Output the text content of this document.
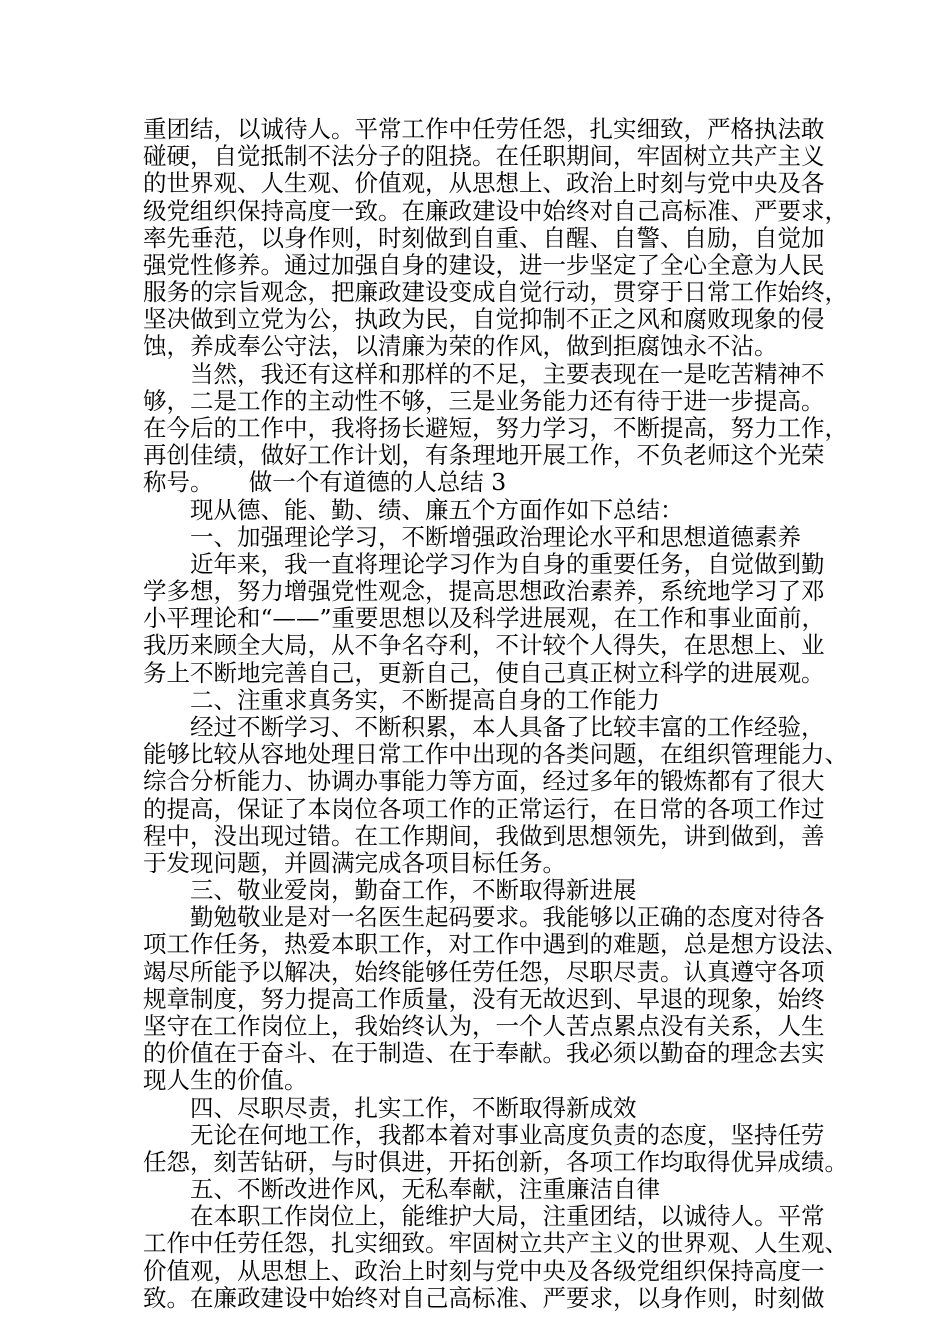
重团结，以诚待人。平常工作中任劳任怨，扎实细致，严格执法敢
碰硬，自觉抵制不法分子的阻挠。在任职期间，牢固树立共产主义
的世界观、人生观、价值观，从思想上、政治上时刻与党中央及各
级党组织保持高度一致。在廉政建设中始终对自己高标准、严要求，
率先垂范，以身作则，时刻做到自重、自醒、自警、自励，自觉加
强党性修养。通过加强自身的建设，进一步坚定了全心全意为人民
服务的宗旨观念，把廉政建设变成自觉行动，贯穿于日常工作始终，
坚决做到立党为公，执政为民，自觉抑制不正之风和腐败现象的侵
蚀，养成奉公守法，以清廉为荣的作风，做到拒腐蚀永不沾。
　　当然，我还有这样和那样的不足，主要表现在一是吃苦精神不
够，二是工作的主动性不够，三是业务能力还有待于进一步提高。
在今后的工作中，我将扬长避短，努力学习，不断提高，努力工作，
再创佳绩，做好工作计划，有条理地开展工作，不负老师这个光荣
称号。　　做一个有道德的人总结 3
　　现从德、能、勤、绩、廉五个方面作如下总结：
　　一、加强理论学习，不断增强政治理论水平和思想道德素养
　　近年来，我一直将理论学习作为自身的重要任务，自觉做到勤
学多想，努力增强党性观念，提高思想政治素养，系统地学习了邓
小平理论和“——”重要思想以及科学进展观，在工作和事业面前，
我历来顾全大局，从不争名夺利，不计较个人得失，在思想上、业
务上不断地完善自己，更新自己，使自己真正树立科学的进展观。
　　二、注重求真务实，不断提高自身的工作能力
　　经过不断学习、不断积累，本人具备了比较丰富的工作经验，
能够比较从容地处理日常工作中出现的各类问题，在组织管理能力、
综合分析能力、协调办事能力等方面，经过多年的锻炼都有了很大
的提高，保证了本岗位各项工作的正常运行，在日常的各项工作过
程中，没出现过错。在工作期间，我做到思想领先，讲到做到，善
于发现问题，并圆满完成各项目标任务。
　　三、敬业爱岗，勤奋工作，不断取得新进展
　　勤勉敬业是对一名医生起码要求。我能够以正确的态度对待各
项工作任务，热爱本职工作，对工作中遇到的难题，总是想方设法、
竭尽所能予以解决，始终能够任劳任怨，尽职尽责。认真遵守各项
规章制度，努力提高工作质量，没有无故迟到、早退的现象，始终
坚守在工作岗位上，我始终认为，一个人苦点累点没有关系，人生
的价值在于奋斗、在于制造、在于奉献。我必须以勤奋的理念去实
现人生的价值。
　　四、尽职尽责，扎实工作，不断取得新成效
　　无论在何地工作，我都本着对事业高度负责的态度，坚持任劳
任怨，刻苦钻研，与时俱进，开拓创新，各项工作均取得优异成绩。
　　五、不断改进作风，无私奉献，注重廉洁自律
　　在本职工作岗位上，能维护大局，注重团结，以诚待人。平常
工作中任劳任怨，扎实细致。牢固树立共产主义的世界观、人生观、
价值观，从思想上、政治上时刻与党中央及各级党组织保持高度一
致。在廉政建设中始终对自己高标准、严要求，以身作则，时刻做
